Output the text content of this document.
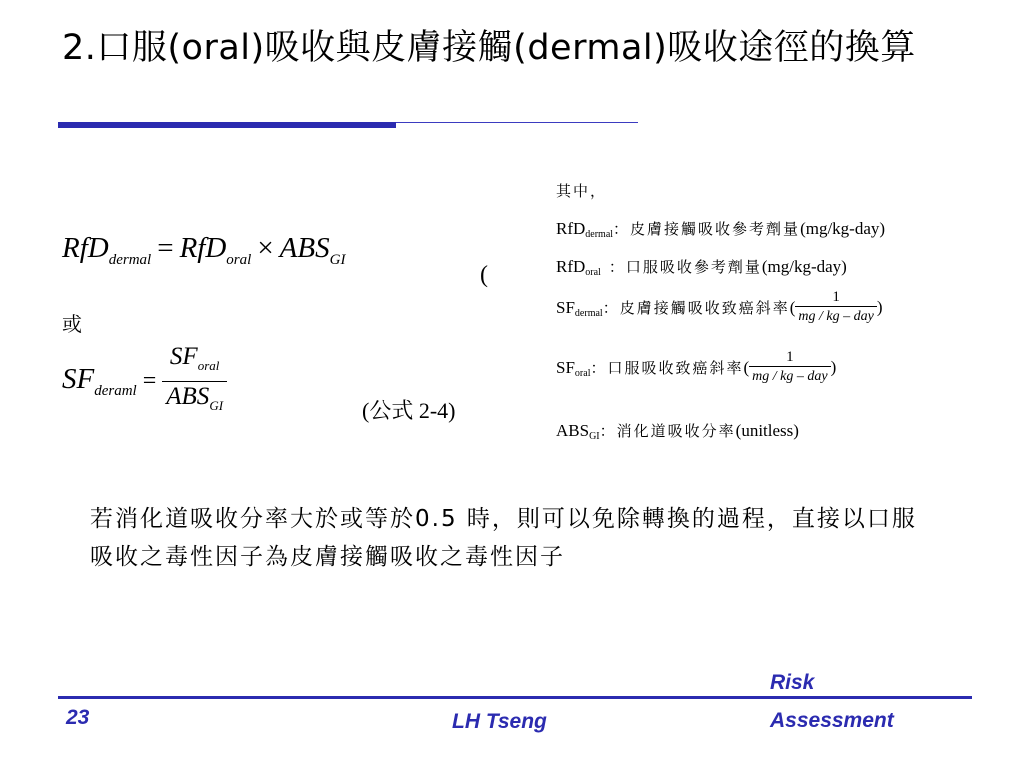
2.口服(oral)吸收與皮膚接觸(dermal)吸收途徑的換算
$RfD_{dermal} = RfD_{oral} \times ABS_{GI}$
(
或
$SF_{deraml} = \frac{SF_{oral}}{ABS_{GI}}$	(公式 2-4)
其中，
RfDdermal：皮膚接觸吸收參考劑量(mg/kg-day)
RfDoral ：口服吸收參考劑量(mg/kg-day)
SFdermal：皮膚接觸吸收致癌斜率(
1
mg / kg – day )
SForal：口服吸收致癌斜率(
1
mg / kg – day )
ABSGI：消化道吸收分率(unitless)

若消化道吸收分率大於或等於0.5 時，則可以免除轉換的過程，直接以口服吸收之毒性因子為皮膚接觸吸收之毒性因子

23	LH Tseng
Risk
Assessment
